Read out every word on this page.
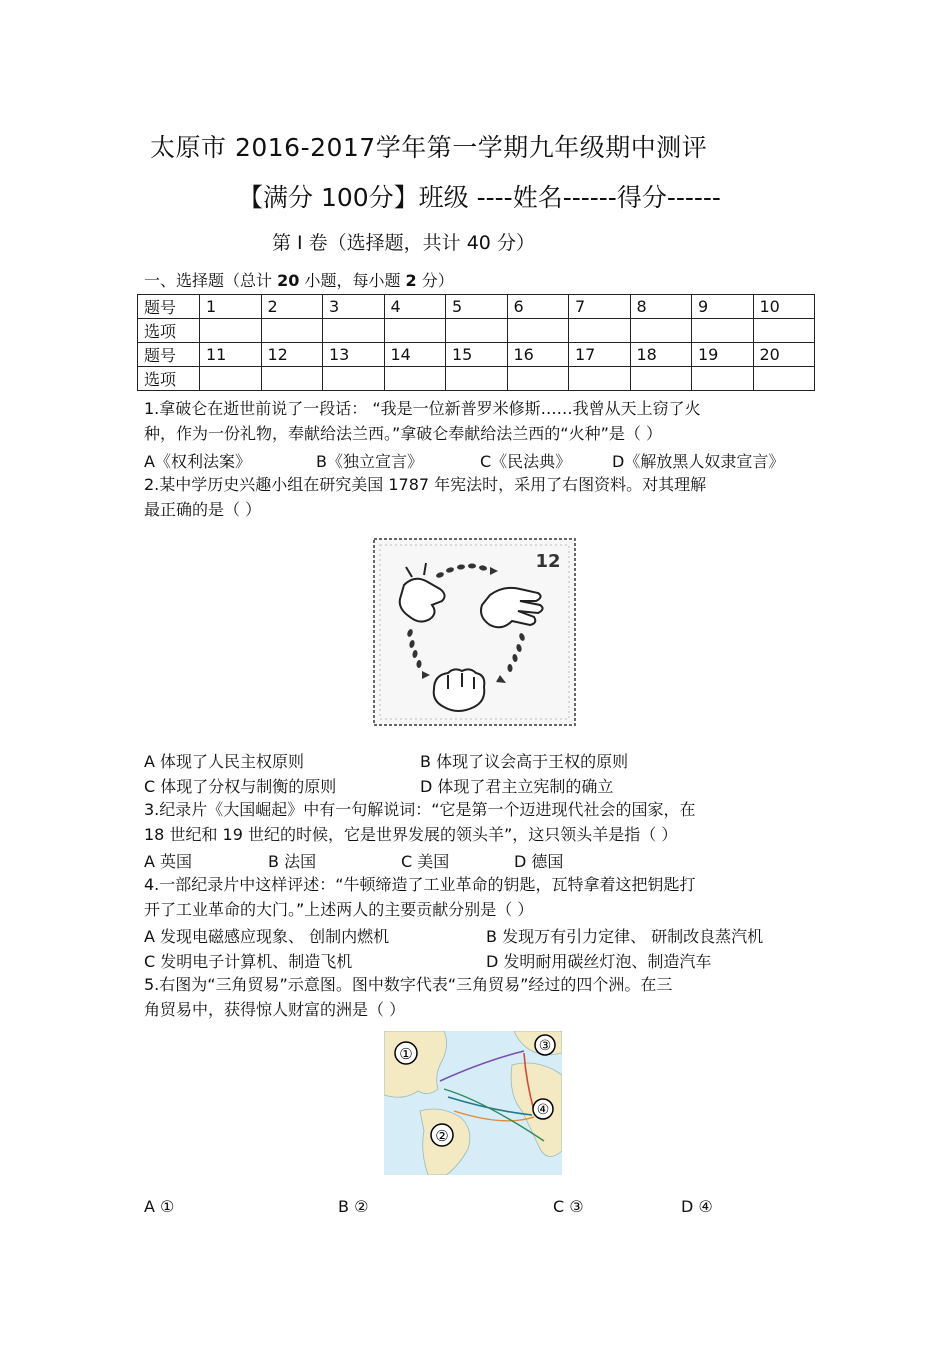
太原市 2016-2017学年第一学期九年级期中测评
【满分 100分】班级 ----姓名------得分------
第 I 卷（选择题，共计 40 分）
一、选择题（总计 20 小题，每小题 2 分）
题号	1	2	3	4	5	6	7	8	9	10
选项										
题号	11	12	13	14	15	16	17	18	19	20
选项										
1.拿破仑在逝世前说了一段话： “我是一位新普罗米修斯……我曾从天上窃了火
种，作为一份礼物，奉献给法兰西。”拿破仑奉献给法兰西的“火种”是（ ）
A《权利法案》	B《独立宣言》	C《民法典》	D《解放黑人奴隶宣言》
2.某中学历史兴趣小组在研究美国 1787 年宪法时，采用了右图资料。对其理解
最正确的是（ ）
12
A 体现了人民主权原则	B 体现了议会高于王权的原则
C 体现了分权与制衡的原则	D 体现了君主立宪制的确立
3.纪录片《大国崛起》中有一句解说词：“它是第一个迈进现代社会的国家，在
18 世纪和 19 世纪的时候，它是世界发展的领头羊”，这只领头羊是指（ ）
A 英国	B 法国	C 美国	D 德国
4.一部纪录片中这样评述：“牛顿缔造了工业革命的钥匙，瓦特拿着这把钥匙打
开了工业革命的大门。”上述两人的主要贡献分别是（ ）
A 发现电磁感应现象、 创制内燃机	B 发现万有引力定律、 研制改良蒸汽机
C 发明电子计算机、制造飞机	D 发明耐用碳丝灯泡、制造汽车
5.右图为“三角贸易”示意图。图中数字代表“三角贸易”经过的四个洲。在三
角贸易中，获得惊人财富的洲是（ ）
①
②
③
④
A ①	B ②	C ③	D ④
